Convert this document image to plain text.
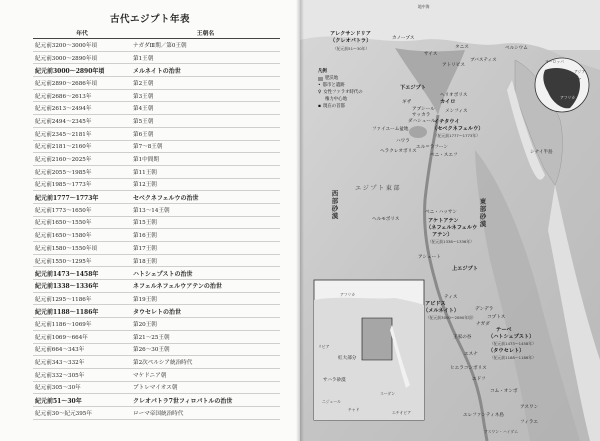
古代エジプト年表
年代	王朝名
紀元前3200〜3000年頃	ナガダⅢ期／第0王朝
紀元前3000〜2890年頃	第1王朝
紀元前3000〜2890年頃	メルネイトの治世
紀元前2890〜2686年頃	第2王朝
紀元前2686〜2613年	第3王朝
紀元前2613〜2494年	第4王朝
紀元前2494〜2345年	第5王朝
紀元前2345〜2181年	第6王朝
紀元前2181〜2160年	第7〜8王朝
紀元前2160〜2025年	第1中間期
紀元前2055〜1985年	第11王朝
紀元前1985〜1773年	第12王朝
紀元前1777〜1773年	セベクネフェルウの治世
紀元前1773〜1650年	第13〜14王朝
紀元前1650〜1550年	第15王朝
紀元前1650〜1580年	第16王朝
紀元前1580〜1550年頃	第17王朝
紀元前1550〜1295年	第18王朝
紀元前1473〜1458年	ハトシェプストの治世
紀元前1338〜1336年	ネフェルネフェルウアテンの治世
紀元前1295〜1186年	第19王朝
紀元前1188〜1186年	タウセレトの治世
紀元前1186〜1069年	第20王朝
紀元前1069〜664年	第21〜25王朝
紀元前664〜343年	第26〜30王朝
紀元前343〜332年	第2次ペルシア統治時代
紀元前332〜305年	マケドニア朝
紀元前305〜30年	プトレマイオス朝
紀元前51〜30年	クレオパトラ7世フィロパトルの治世
紀元前30〜紀元395年	ローマ帝国統治時代
凡例
肥沃地
• 都市と遺跡
♀ 女性ファラオ時代の
権力中心地
▪ 現在の首都
地中海
アレクサンドリア
（クレオパトラ）
（紀元前51〜30年）
カノープス
サイス
タニス	ペルシウム
ブバスティス
アトリビス
下エジプト
ヘリオポリス
カイロ
ギザ
アブシール
サッカラ
メンフィス
ダハシュール
イチタウイ
（セベクネフェルウ）
（紀元前1777〜1773年）
ファイユーム盆地
ハワラ
エル＝ラフーン
ヘラクレオポリス
ベニ・スエフ
シナイ半島
西部砂漠	東部砂漠
エジプト東部
ベニ・ハッサン
ヘルモポリス	アケトアテン
（ネフェルネフェルウ
アテン）
（紀元前1338〜1336年）
アシュート
上エジプト
ティス
アビドス
（メルネイト）
（紀元前3000〜2890年頃）
デンデラ
コプトス
ナガダ
テーベ
（ハトシェプスト）
（紀元前1473〜1458年）
（タウセレト）
（紀元前1188〜1186年）
王家の谷
エスナ
ヒエラコンポリス
エドフ
コム・オンボ
アスワン
エレファンティネ島
フィラエ
アスワン・ハイダム
ヨーロッパ
アジア
アラビア
アフリカ
アフリカ
リビア
紅大部分
サハラ砂漠
スーダン
ニジェール
チャド
エチオピア
